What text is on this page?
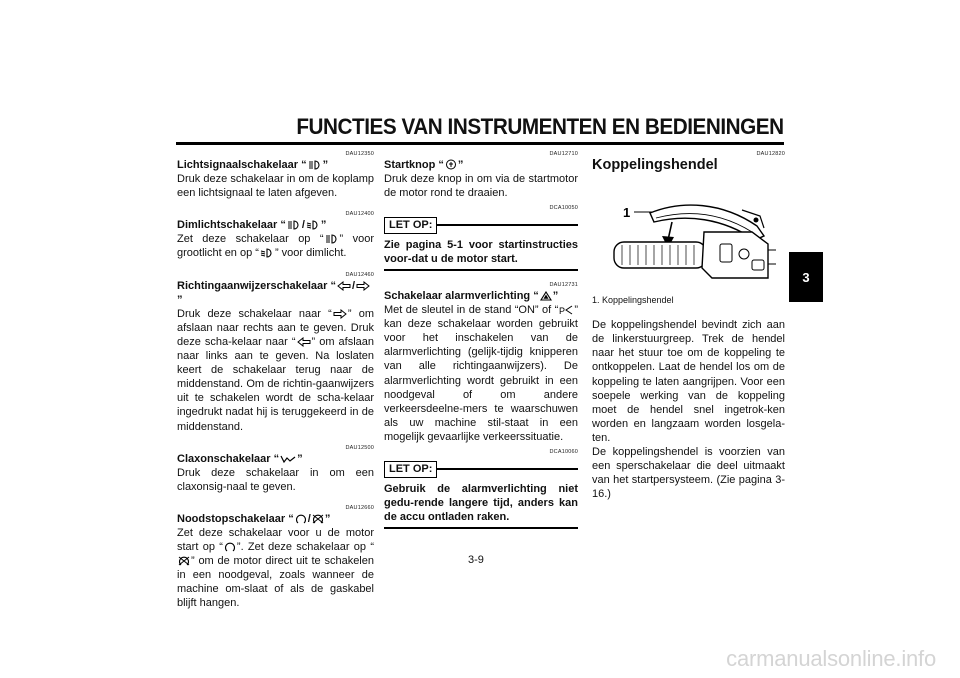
FUNCTIES VAN INSTRUMENTEN EN BEDIENINGEN
3
DAU12350
Lichtsignaalschakelaar “ ”

Druk deze schakelaar in om de koplamp een lichtsignaal te laten afgeven.

DAU12400
Dimlichtschakelaar “ / ”

Zet deze schakelaar op “ ” voor grootlicht en op “ ” voor dimlicht.

DAU12460
Richtingaanwijzerschakelaar “ /”

Druk deze schakelaar naar “ ” om afslaan naar rechts aan te geven. Druk deze scha-kelaar naar “ ” om afslaan naar links aan te geven. Na loslaten keert de schakelaar terug naar de middenstand. Om de richtin-gaanwijzers uit te schakelen wordt de scha-kelaar ingedrukt nadat hij is teruggekeerd in de middenstand.

DAU12500
Claxonschakelaar “ ”

Druk deze schakelaar in om een claxonsig-naal te geven.

DAU12660
Noodstopschakelaar “ / ”

Zet deze schakelaar voor u de motor start op “ ”. Zet deze schakelaar op “” om de motor direct uit te schakelen in een noodgeval, zoals wanneer de machine om-slaat of als de gaskabel blijft hangen.

DAU12710
Startknop “ ”

Druk deze knop in om via de startmotor de motor rond te draaien.

DCA10050
LET OP:
Zie pagina 5-1 voor startinstructies voor-dat u de motor start.
DAU12731
Schakelaar alarmverlichting “ ”

Met de sleutel in de stand “ON” of “ P ” kan deze schakelaar worden gebruikt voor het inschakelen van de alarmverlichting (gelijk-tijdig knipperen van alle richtingaanwijzers). De alarmverlichting wordt gebruikt in een noodgeval of om andere verkeersdeelne-mers te waarschuwen als uw machine stil-staat in een mogelijk gevaarlijke verkeerssituatie.

DCA10060
LET OP:
Gebruik de alarmverlichting niet gedu-rende langere tijd, anders kan de accu ontladen raken.
DAU12820
Koppelingshendel
1
1. Koppelingshendel

De koppelingshendel bevindt zich aan de linkerstuurgreep. Trek de hendel naar het stuur toe om de koppeling te ontkoppelen. Laat de hendel los om de koppeling te laten aangrijpen. Voor een soepele werking van de koppeling moet de hendel snel ingetrok-ken worden en langzaam worden losgela-ten.

De koppelingshendel is voorzien van een sperschakelaar die deel uitmaakt van het startpersysteem. (Zie pagina 3-16.)

3-9
carmanualsonline.info
